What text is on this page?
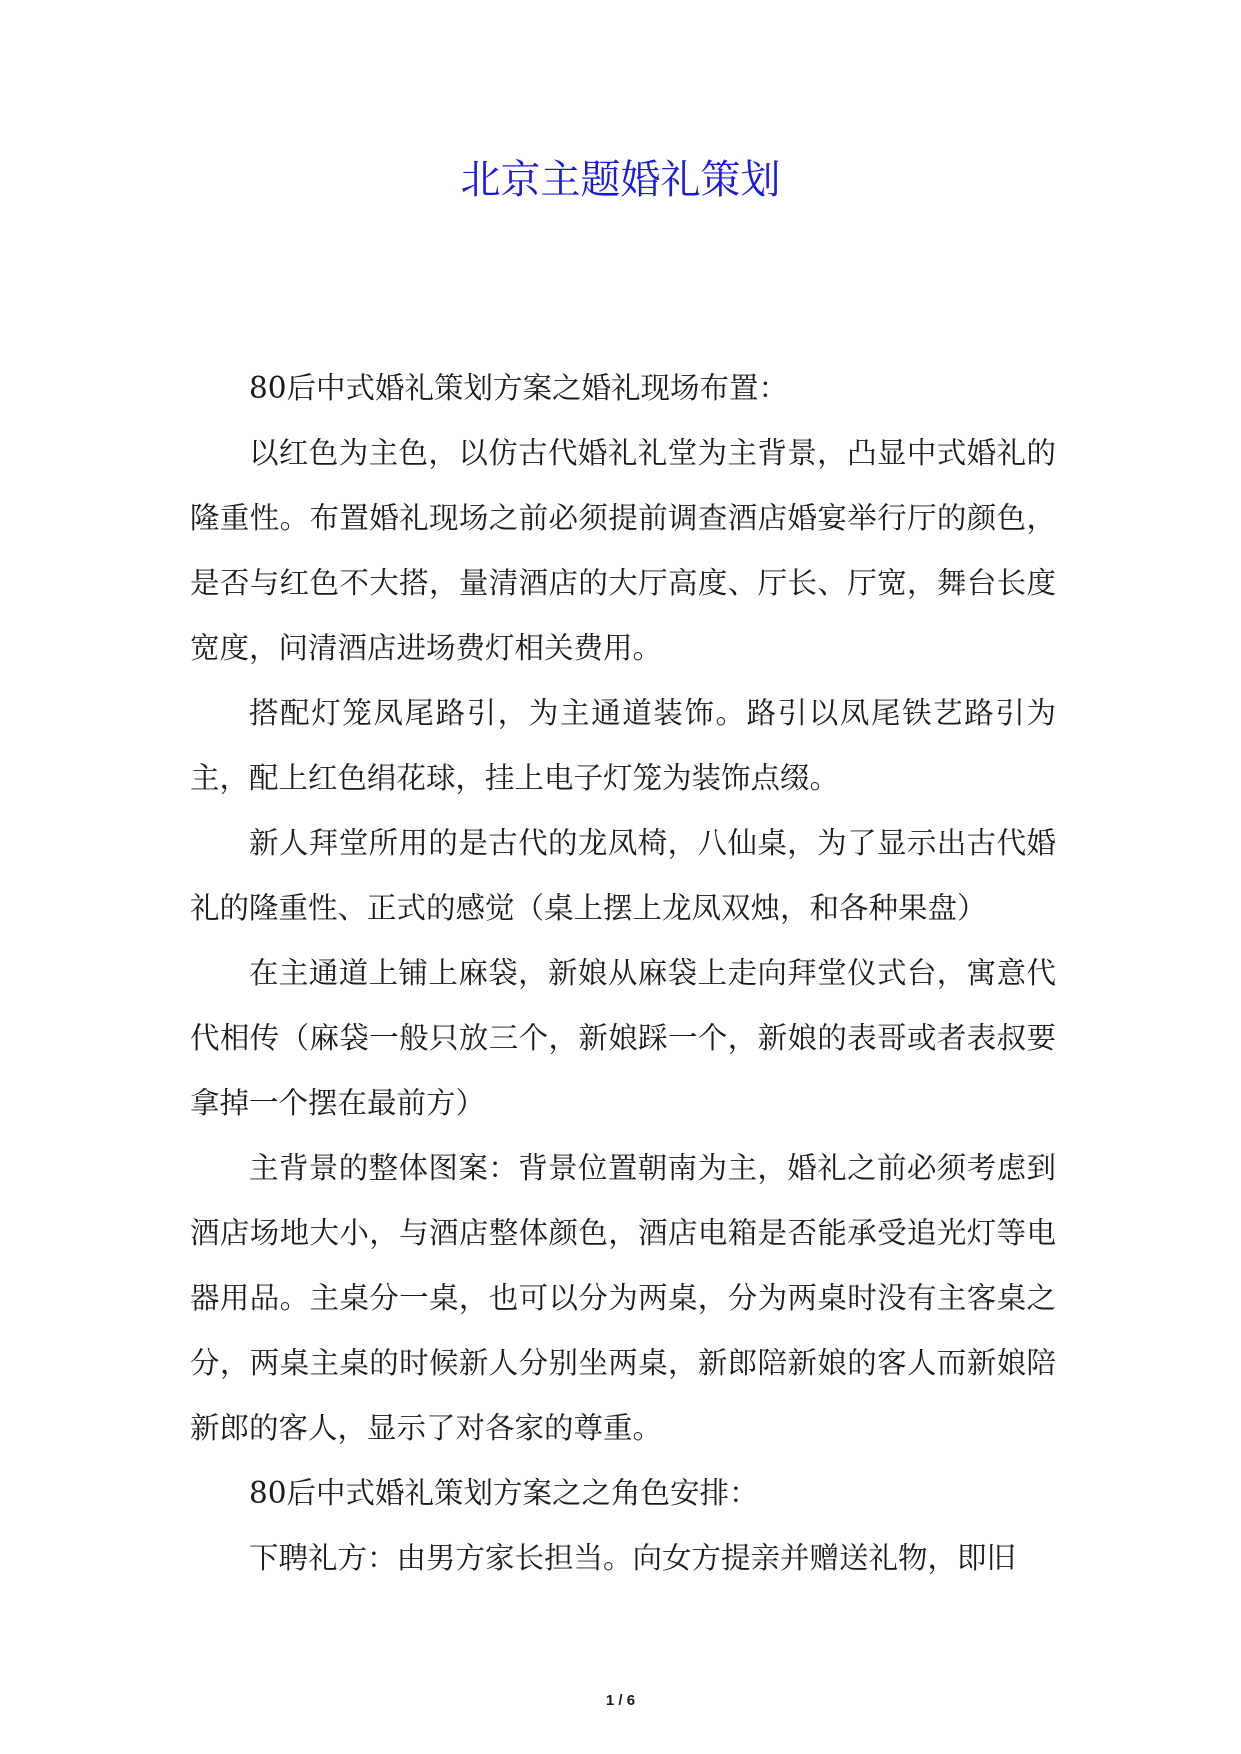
北京主题婚礼策划

80后中式婚礼策划方案之婚礼现场布置：

以红色为主色，以仿古代婚礼礼堂为主背景，凸显中式婚礼的隆重性。布置婚礼现场之前必须提前调查酒店婚宴举行厅的颜色，是否与红色不大搭，量清酒店的大厅高度、厅长、厅宽，舞台长度宽度，问清酒店进场费灯相关费用。

搭配灯笼凤尾路引，为主通道装饰。路引以凤尾铁艺路引为主，配上红色绢花球，挂上电子灯笼为装饰点缀。

新人拜堂所用的是古代的龙凤椅，八仙桌，为了显示出古代婚礼的隆重性、正式的感觉（桌上摆上龙凤双烛，和各种果盘）

在主通道上铺上麻袋，新娘从麻袋上走向拜堂仪式台，寓意代代相传（麻袋一般只放三个，新娘踩一个，新娘的表哥或者表叔要拿掉一个摆在最前方）

主背景的整体图案：背景位置朝南为主，婚礼之前必须考虑到酒店场地大小，与酒店整体颜色，酒店电箱是否能承受追光灯等电器用品。主桌分一桌，也可以分为两桌，分为两桌时没有主客桌之分，两桌主桌的时候新人分别坐两桌，新郎陪新娘的客人而新娘陪新郎的客人，显示了对各家的尊重。

80后中式婚礼策划方案之之角色安排：

下聘礼方：由男方家长担当。向女方提亲并赠送礼物，即旧

1 / 6
